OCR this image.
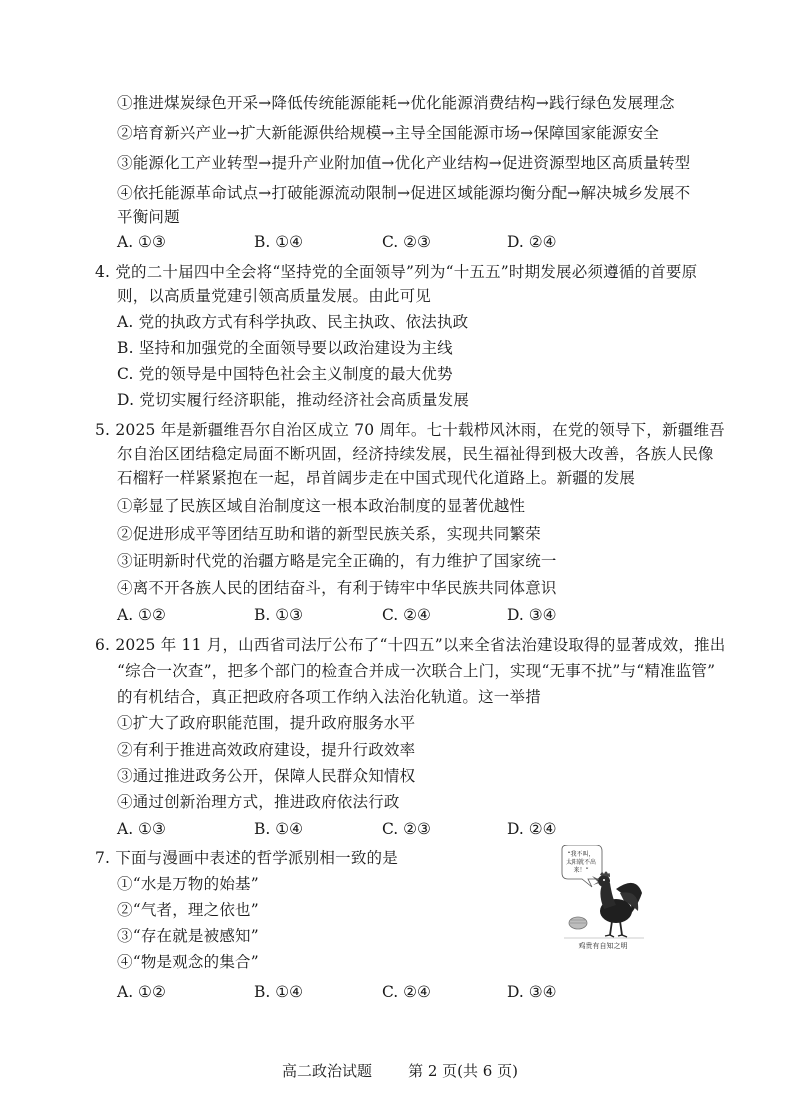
①推进煤炭绿色开采→降低传统能源能耗→优化能源消费结构→践行绿色发展理念
②培育新兴产业→扩大新能源供给规模→主导全国能源市场→保障国家能源安全
③能源化工产业转型→提升产业附加值→优化产业结构→促进资源型地区高质量转型
④依托能源革命试点→打破能源流动限制→促进区域能源均衡分配→解决城乡发展不
平衡问题
A. ①③	B. ①④	C. ②③	D. ②④
4. 党的二十届四中全会将“坚持党的全面领导”列为“十五五”时期发展必须遵循的首要原
则，以高质量党建引领高质量发展。由此可见
A. 党的执政方式有科学执政、民主执政、依法执政
B. 坚持和加强党的全面领导要以政治建设为主线
C. 党的领导是中国特色社会主义制度的最大优势
D. 党切实履行经济职能，推动经济社会高质量发展
5. 2025 年是新疆维吾尔自治区成立 70 周年。七十载栉风沐雨，在党的领导下，新疆维吾
尔自治区团结稳定局面不断巩固，经济持续发展，民生福祉得到极大改善，各族人民像
石榴籽一样紧紧抱在一起，昂首阔步走在中国式现代化道路上。新疆的发展
①彰显了民族区域自治制度这一根本政治制度的显著优越性
②促进形成平等团结互助和谐的新型民族关系，实现共同繁荣
③证明新时代党的治疆方略是完全正确的，有力维护了国家统一
④离不开各族人民的团结奋斗，有利于铸牢中华民族共同体意识
A. ①②	B. ①③	C. ②④	D. ③④
6. 2025 年 11 月，山西省司法厅公布了“十四五”以来全省法治建设取得的显著成效，推出
“综合一次查”，把多个部门的检查合并成一次联合上门，实现“无事不扰”与“精准监管”
的有机结合，真正把政府各项工作纳入法治化轨道。这一举措
①扩大了政府职能范围，提升政府服务水平
②有利于推进高效政府建设，提升行政效率
③通过推进政务公开，保障人民群众知情权
④通过创新治理方式，推进政府依法行政
A. ①③	B. ①④	C. ②③	D. ②④
7. 下面与漫画中表述的哲学派别相一致的是
①“水是万物的始基”
②“气者，理之依也”
③“存在就是被感知”
④“物是观念的集合”
A. ①②	B. ①④	C. ②④	D. ③④
“我不叫，太阳就不出来！”
鸡贵有自知之明
高二政治试题 第 2 页(共 6 页)
